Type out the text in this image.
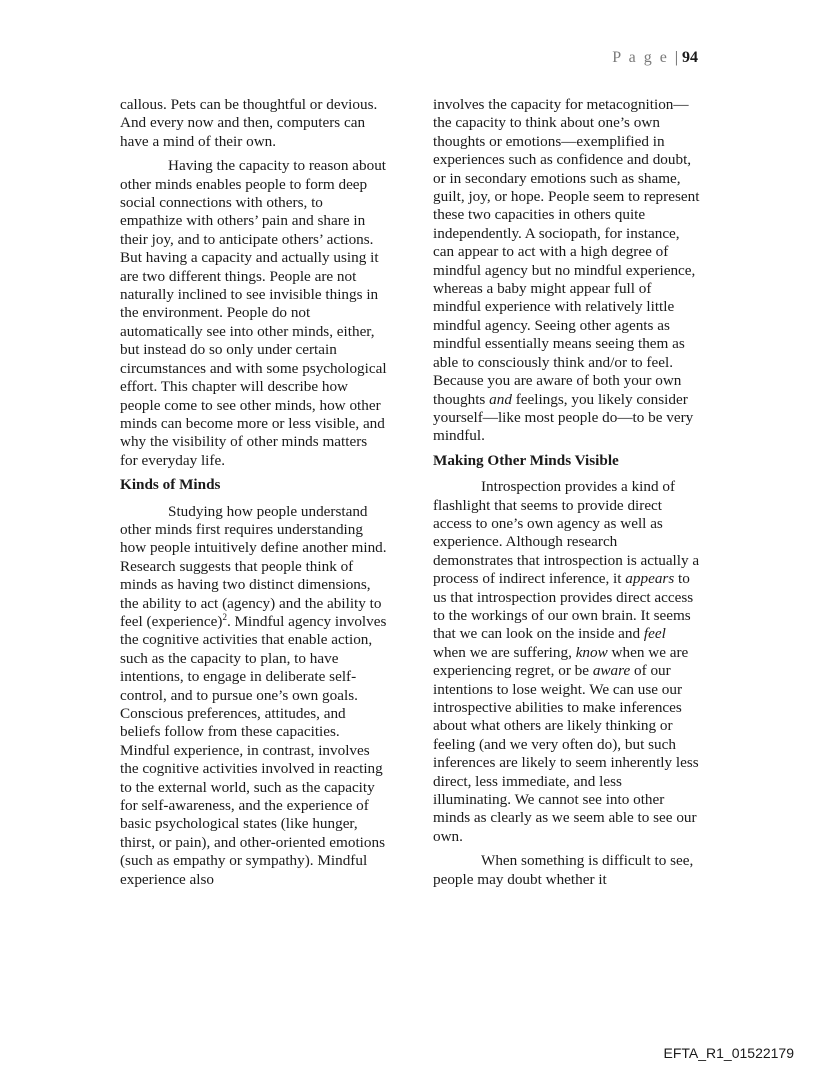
P a g e | 94

callous. Pets can be thoughtful or devious. And every now and then, computers can have a mind of their own.

Having the capacity to reason about other minds enables people to form deep social connections with others, to empathize with others’ pain and share in their joy, and to anticipate others’ actions. But having a capacity and actually using it are two different things. People are not naturally inclined to see invisible things in the environment. People do not automatically see into other minds, either, but instead do so only under certain circumstances and with some psychological effort. This chapter will describe how people come to see other minds, how other minds can become more or less visible, and why the visibility of other minds matters for everyday life.

Kinds of Minds

Studying how people understand other minds first requires understanding how people intuitively define another mind. Research suggests that people think of minds as having two distinct dimensions, the ability to act (agency) and the ability to feel (experience)$^2$. Mindful agency involves the cognitive activities that enable action, such as the capacity to plan, to have intentions, to engage in deliberate self-control, and to pursue one’s own goals. Conscious preferences, attitudes, and beliefs follow from these capacities. Mindful experience, in contrast, involves the cognitive activities involved in reacting to the external world, such as the capacity for self-awareness, and the experience of basic psychological states (like hunger, thirst, or pain), and other-oriented emotions (such as empathy or sympathy). Mindful experience also

involves the capacity for metacognition—the capacity to think about one’s own thoughts or emotions—exemplified in experiences such as confidence and doubt, or in secondary emotions such as shame, guilt, joy, or hope. People seem to represent these two capacities in others quite independently. A sociopath, for instance, can appear to act with a high degree of mindful agency but no mindful experience, whereas a baby might appear full of mindful experience with relatively little mindful agency. Seeing other agents as mindful essentially means seeing them as able to consciously think and/or to feel. Because you are aware of both your own thoughts and feelings, you likely consider yourself—like most people do—to be very mindful.

Making Other Minds Visible

Introspection provides a kind of flashlight that seems to provide direct access to one’s own agency as well as experience. Although research demonstrates that introspection is actually a process of indirect inference, it appears to us that introspection provides direct access to the workings of our own brain. It seems that we can look on the inside and feel when we are suffering, know when we are experiencing regret, or be aware of our intentions to lose weight. We can use our introspective abilities to make inferences about what others are likely thinking or feeling (and we very often do), but such inferences are likely to seem inherently less direct, less immediate, and less illuminating. We cannot see into other minds as clearly as we seem able to see our own.

When something is difficult to see, people may doubt whether it

EFTA_R1_01522179
